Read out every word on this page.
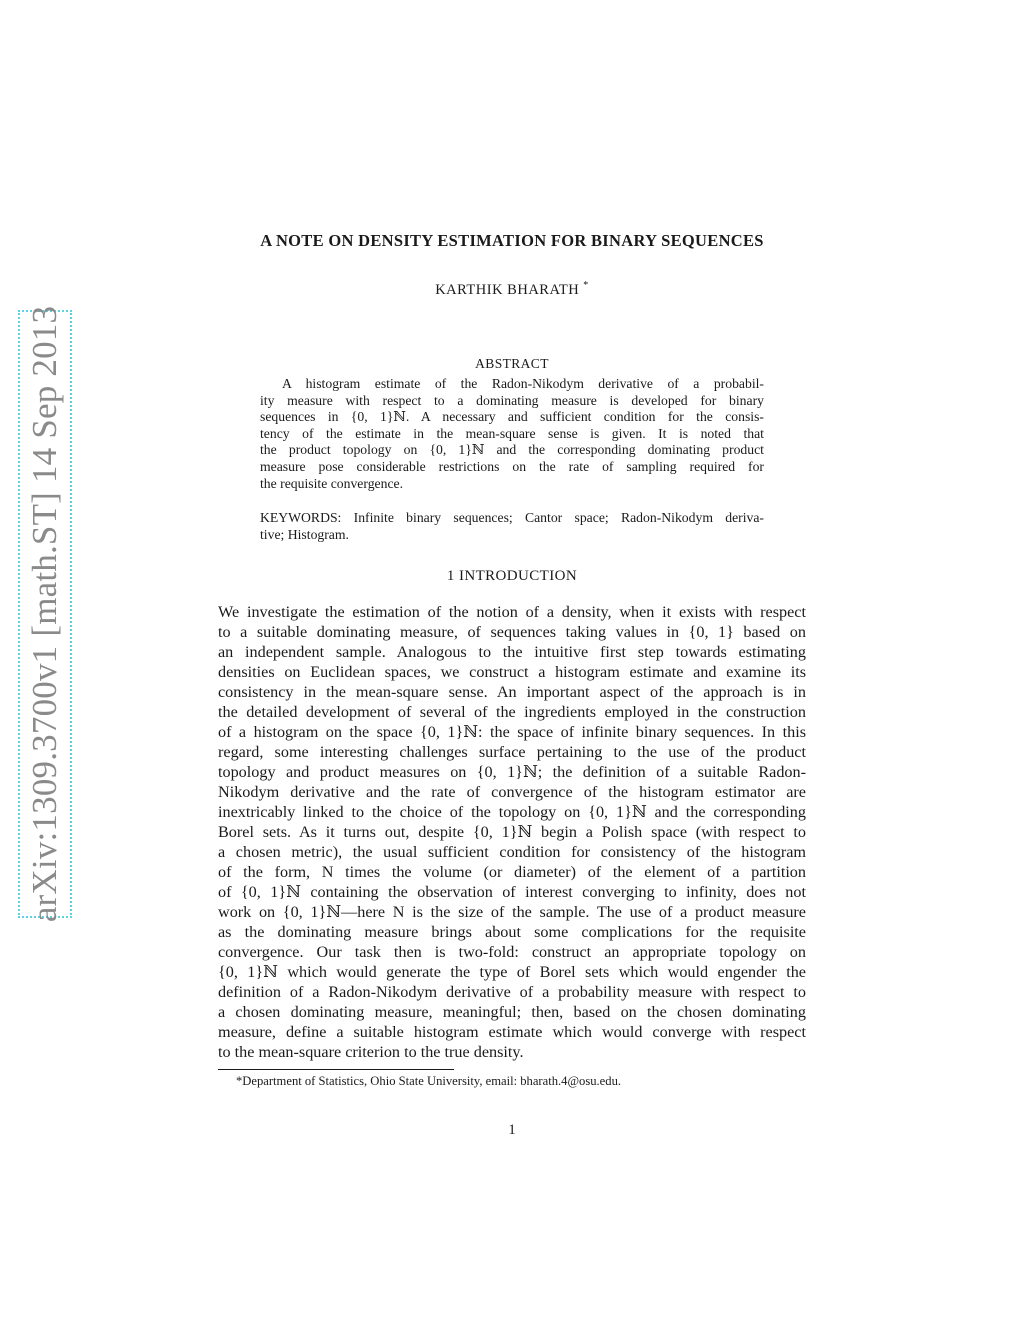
arXiv:1309.3700v1 [math.ST] 14 Sep 2013
A NOTE ON DENSITY ESTIMATION FOR BINARY SEQUENCES
KARTHIK BHARATH *
ABSTRACT
A histogram estimate of the Radon-Nikodym derivative of a probabil-
ity measure with respect to a dominating measure is developed for binary
sequences in {0, 1}ℕ. A necessary and sufficient condition for the consis-
tency of the estimate in the mean-square sense is given. It is noted that
the product topology on {0, 1}ℕ and the corresponding dominating product
measure pose considerable restrictions on the rate of sampling required for
the requisite convergence.
KEYWORDS: Infinite binary sequences; Cantor space; Radon-Nikodym deriva-
tive; Histogram.
1 INTRODUCTION
We investigate the estimation of the notion of a density, when it exists with respect
to a suitable dominating measure, of sequences taking values in {0, 1} based on
an independent sample. Analogous to the intuitive first step towards estimating
densities on Euclidean spaces, we construct a histogram estimate and examine its
consistency in the mean-square sense. An important aspect of the approach is in
the detailed development of several of the ingredients employed in the construction
of a histogram on the space {0, 1}ℕ: the space of infinite binary sequences. In this
regard, some interesting challenges surface pertaining to the use of the product
topology and product measures on {0, 1}ℕ; the definition of a suitable Radon-
Nikodym derivative and the rate of convergence of the histogram estimator are
inextricably linked to the choice of the topology on {0, 1}ℕ and the corresponding
Borel sets. As it turns out, despite {0, 1}ℕ begin a Polish space (with respect to
a chosen metric), the usual sufficient condition for consistency of the histogram
of the form, N times the volume (or diameter) of the element of a partition
of {0, 1}ℕ containing the observation of interest converging to infinity, does not
work on {0, 1}ℕ—here N is the size of the sample. The use of a product measure
as the dominating measure brings about some complications for the requisite
convergence. Our task then is two-fold: construct an appropriate topology on
{0, 1}ℕ which would generate the type of Borel sets which would engender the
definition of a Radon-Nikodym derivative of a probability measure with respect to
a chosen dominating measure, meaningful; then, based on the chosen dominating
measure, define a suitable histogram estimate which would converge with respect
to the mean-square criterion to the true density.
*Department of Statistics, Ohio State University, email: bharath.4@osu.edu.
1
